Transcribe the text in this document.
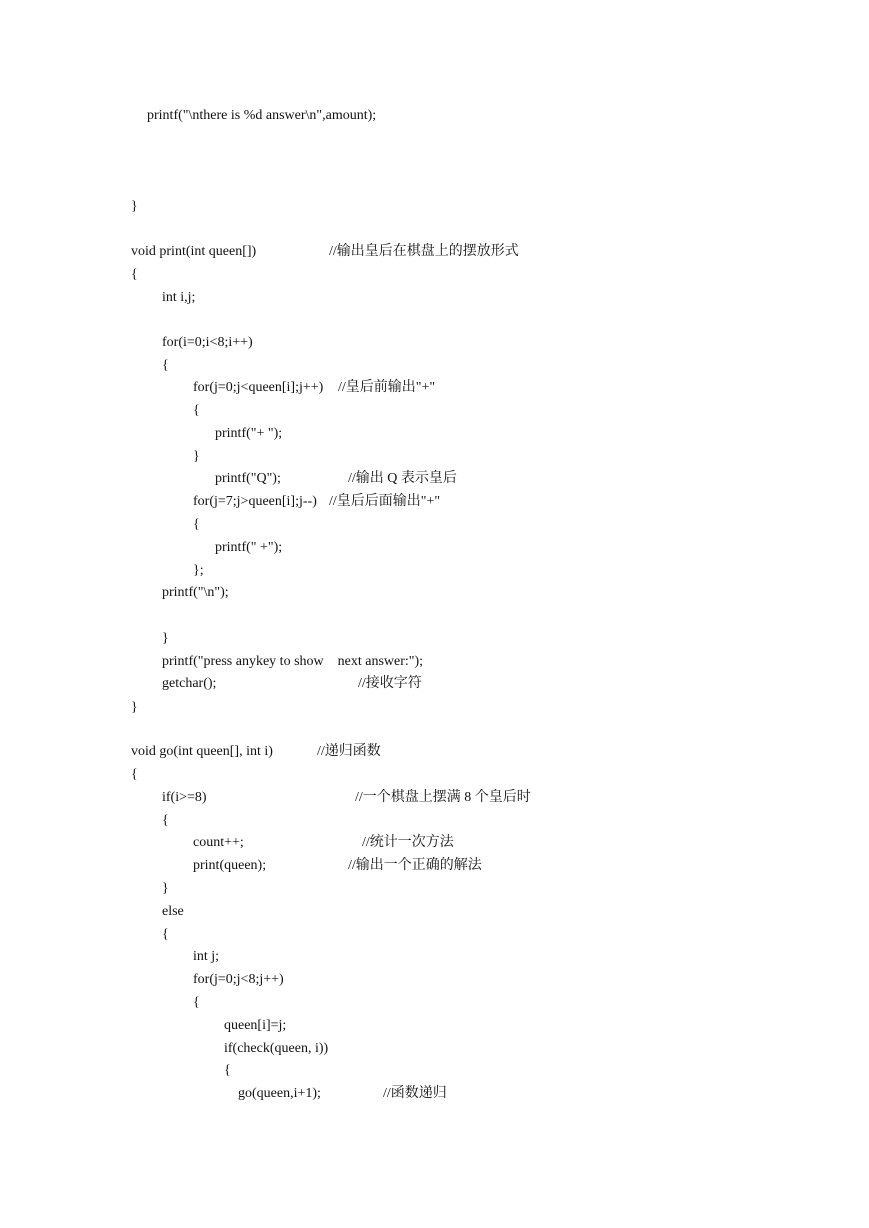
printf("\nthere is %d answer\n",amount);
}
void print(int queen[])	//输出皇后在棋盘上的摆放形式
{
int i,j;
for(i=0;i<8;i++)
{
for(j=0;j<queen[i];j++) //皇后前输出"+"
{
printf("+ ");
}
printf("Q");	//输出 Q 表示皇后
for(j=7;j>queen[i];j--) //皇后后面输出"+"
{
printf(" +");
};
printf("\n");
}
printf("press anykey to show    next answer:");
getchar();	//接收字符
}
void go(int queen[], int i)	//递归函数
{
if(i>=8)	//一个棋盘上摆满 8 个皇后时
{
count++;	//统计一次方法
print(queen);	//输出一个正确的解法
}
else
{
int j;
for(j=0;j<8;j++)
{
queen[i]=j;
if(check(queen, i))
{
go(queen,i+1);	//函数递归
